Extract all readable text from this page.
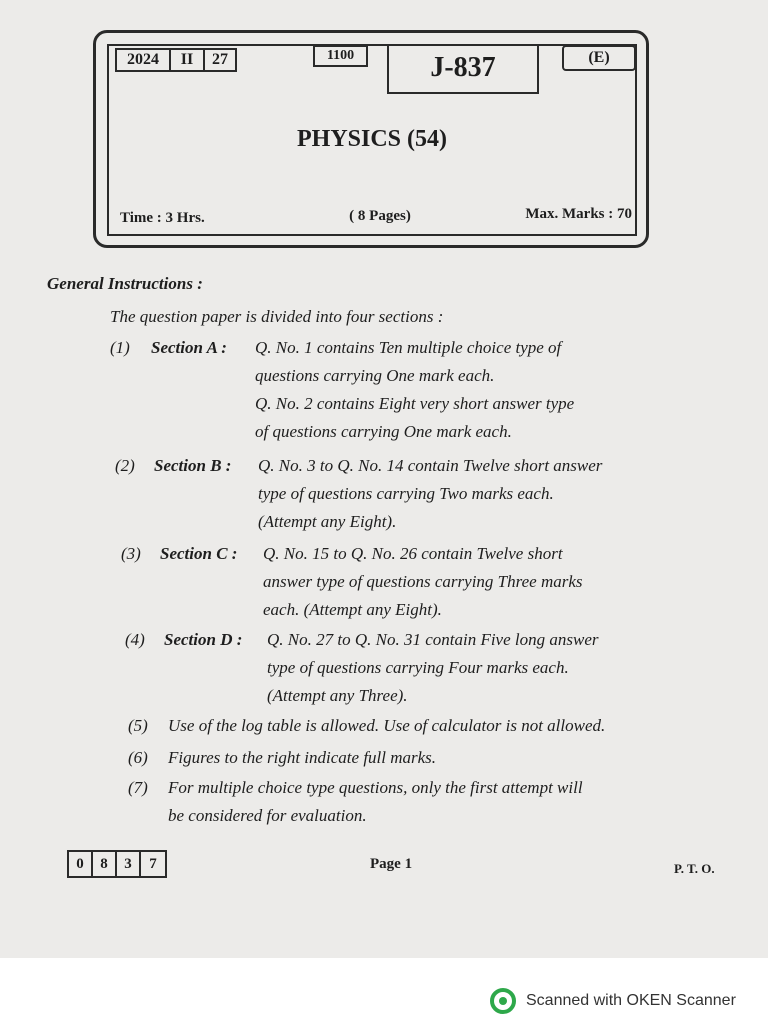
2024	II	27	1100	J-837	(E)
PHYSICS (54)
Time : 3 Hrs.	( 8 Pages)	Max. Marks : 70
General Instructions :
The question paper is divided into four sections :
(1) Section A : Q. No. 1 contains Ten multiple choice type of
questions carrying One mark each.
Q. No. 2 contains Eight very short answer type
of questions carrying One mark each.
(2) Section B : Q. No. 3 to Q. No. 14 contain Twelve short answer
type of questions carrying Two marks each.
(Attempt any Eight).
(3) Section C : Q. No. 15 to Q. No. 26 contain Twelve short
answer type of questions carrying Three marks
each. (Attempt any Eight).
(4) Section D : Q. No. 27 to Q. No. 31 contain Five long answer
type of questions carrying Four marks each.
(Attempt any Three).
(5) Use of the log table is allowed. Use of calculator is not allowed.
(6) Figures to the right indicate full marks.
(7) For multiple choice type questions, only the first attempt will
be considered for evaluation.
0	8	3	7	Page 1	P. T. O.
Scanned with OKEN Scanner
